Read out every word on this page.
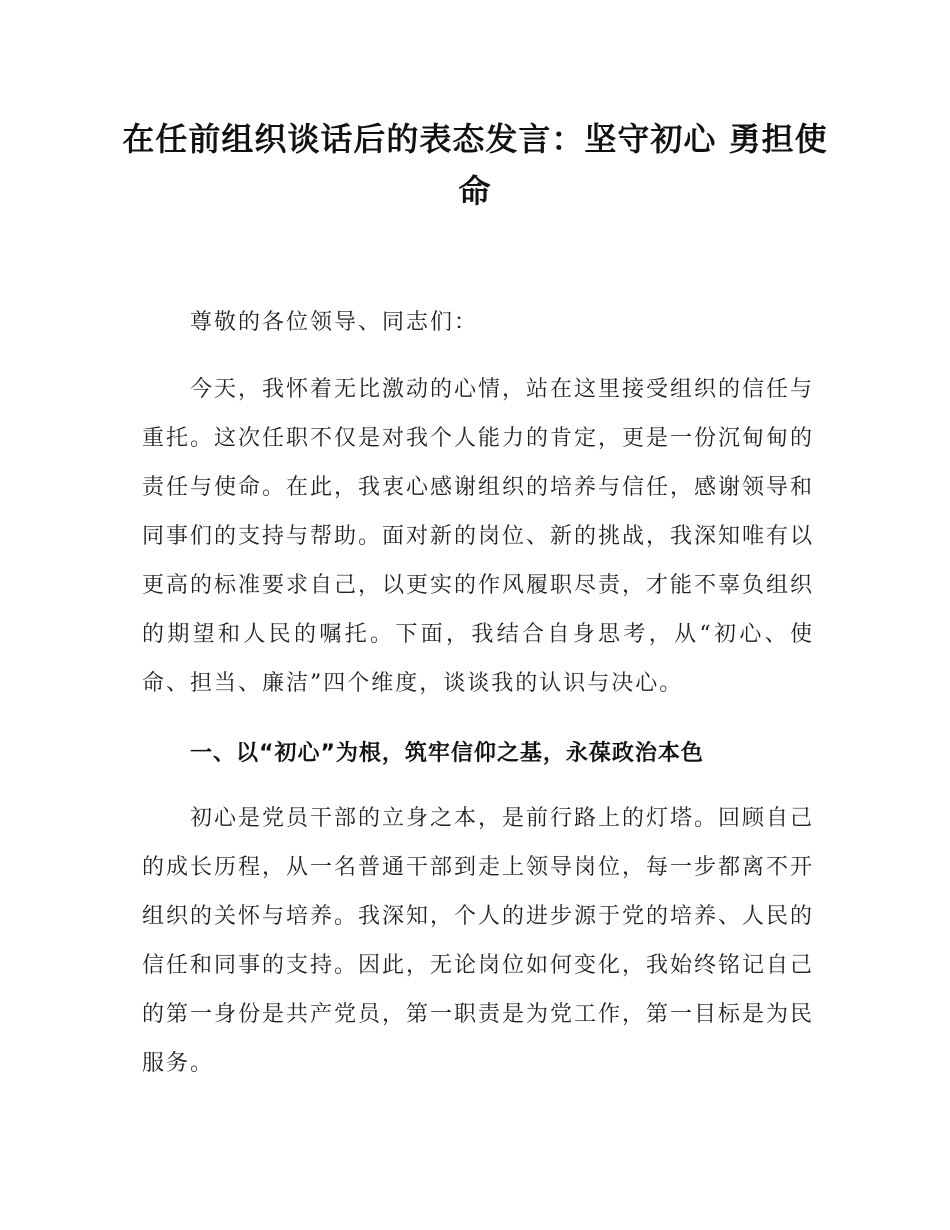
在任前组织谈话后的表态发言：坚守初心 勇担使命

尊敬的各位领导、同志们：

今天，我怀着无比激动的心情，站在这里接受组织的信任与重托。这次任职不仅是对我个人能力的肯定，更是一份沉甸甸的责任与使命。在此，我衷心感谢组织的培养与信任，感谢领导和同事们的支持与帮助。面对新的岗位、新的挑战，我深知唯有以更高的标准要求自己，以更实的作风履职尽责，才能不辜负组织的期望和人民的嘱托。下面，我结合自身思考，从“初心、使命、担当、廉洁”四个维度，谈谈我的认识与决心。

一、以“初心”为根，筑牢信仰之基，永葆政治本色

初心是党员干部的立身之本，是前行路上的灯塔。回顾自己的成长历程，从一名普通干部到走上领导岗位，每一步都离不开组织的关怀与培养。我深知，个人的进步源于党的培养、人民的信任和同事的支持。因此，无论岗位如何变化，我始终铭记自己的第一身份是共产党员，第一职责是为党工作，第一目标是为民服务。
